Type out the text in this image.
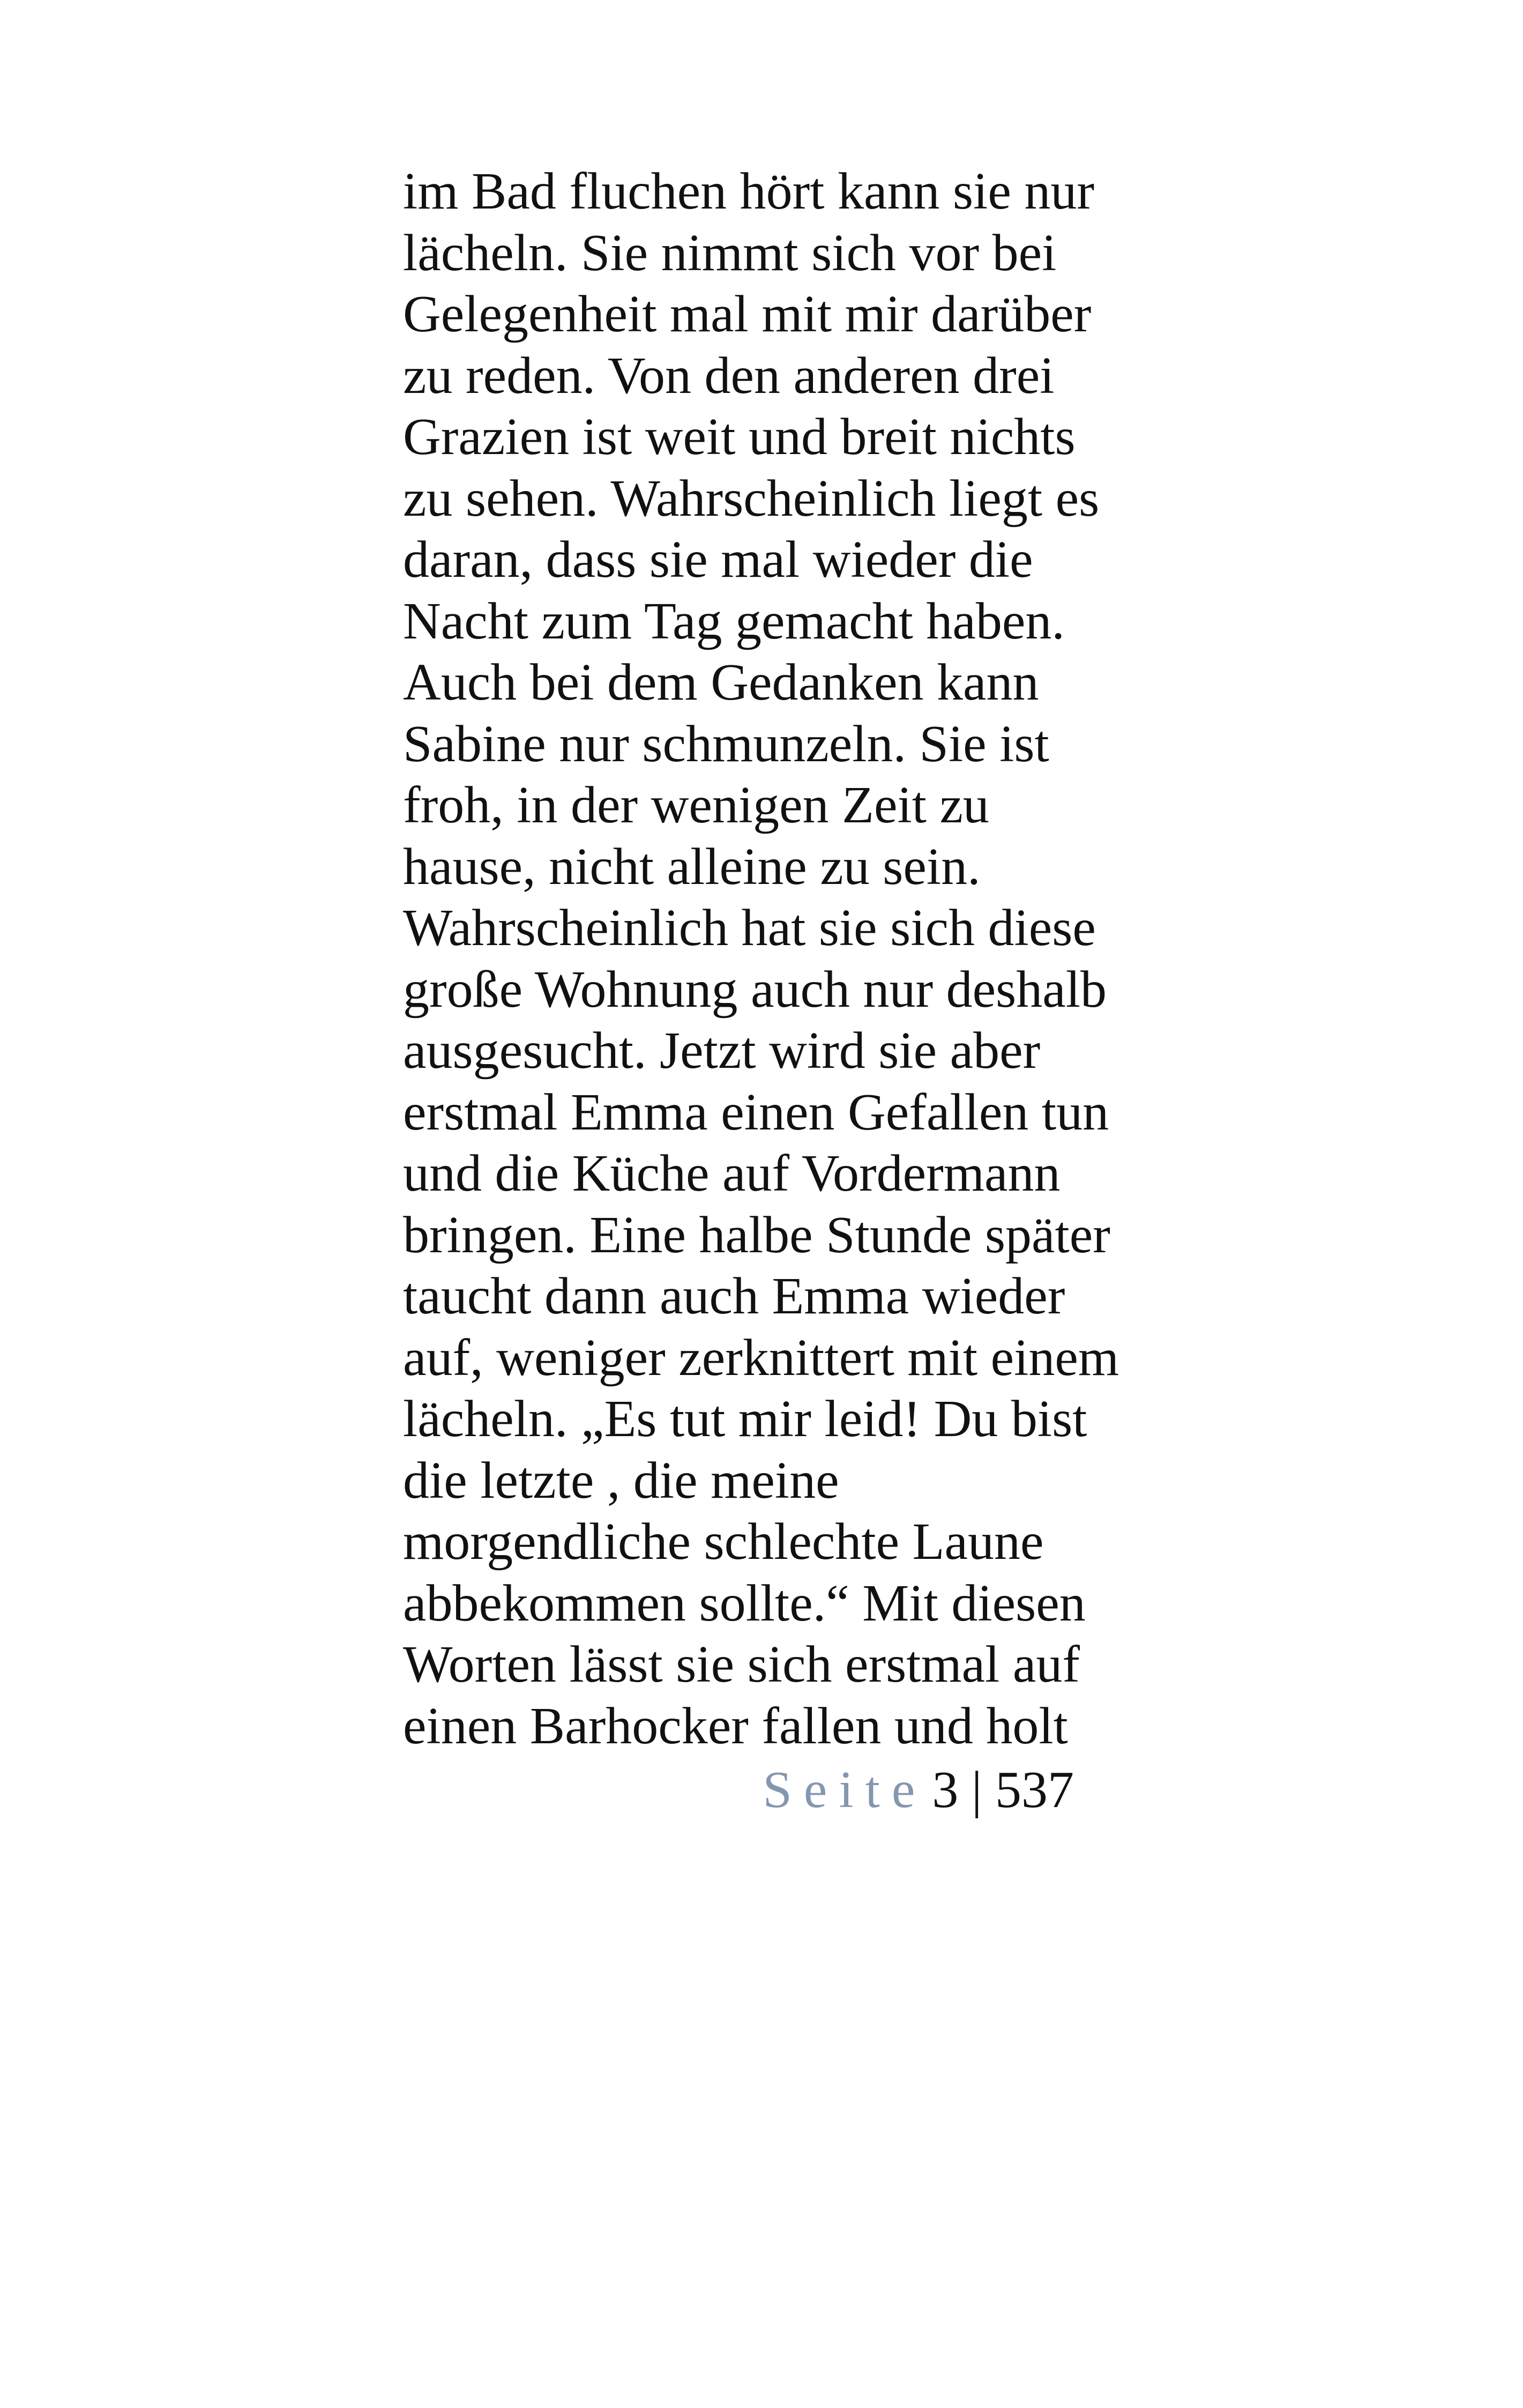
im Bad fluchen hört kann sie nur
lächeln. Sie nimmt sich vor bei
Gelegenheit mal mit mir darüber
zu reden. Von den anderen drei
Grazien ist weit und breit nichts
zu sehen. Wahrscheinlich liegt es
daran, dass sie mal wieder die
Nacht zum Tag gemacht haben.
Auch bei dem Gedanken kann
Sabine nur schmunzeln. Sie ist
froh, in der wenigen Zeit zu
hause, nicht alleine zu sein.
Wahrscheinlich hat sie sich diese
große Wohnung auch nur deshalb
ausgesucht. Jetzt wird sie aber
erstmal Emma einen Gefallen tun
und die Küche auf Vordermann
bringen. Eine halbe Stunde später
taucht dann auch Emma wieder
auf, weniger zerknittert mit einem
lächeln. „Es tut mir leid! Du bist
die letzte , die meine
morgendliche schlechte Laune
abbekommen sollte.“ Mit diesen
Worten lässt sie sich erstmal auf
einen Barhocker fallen und holt
Seite 3 | 537
